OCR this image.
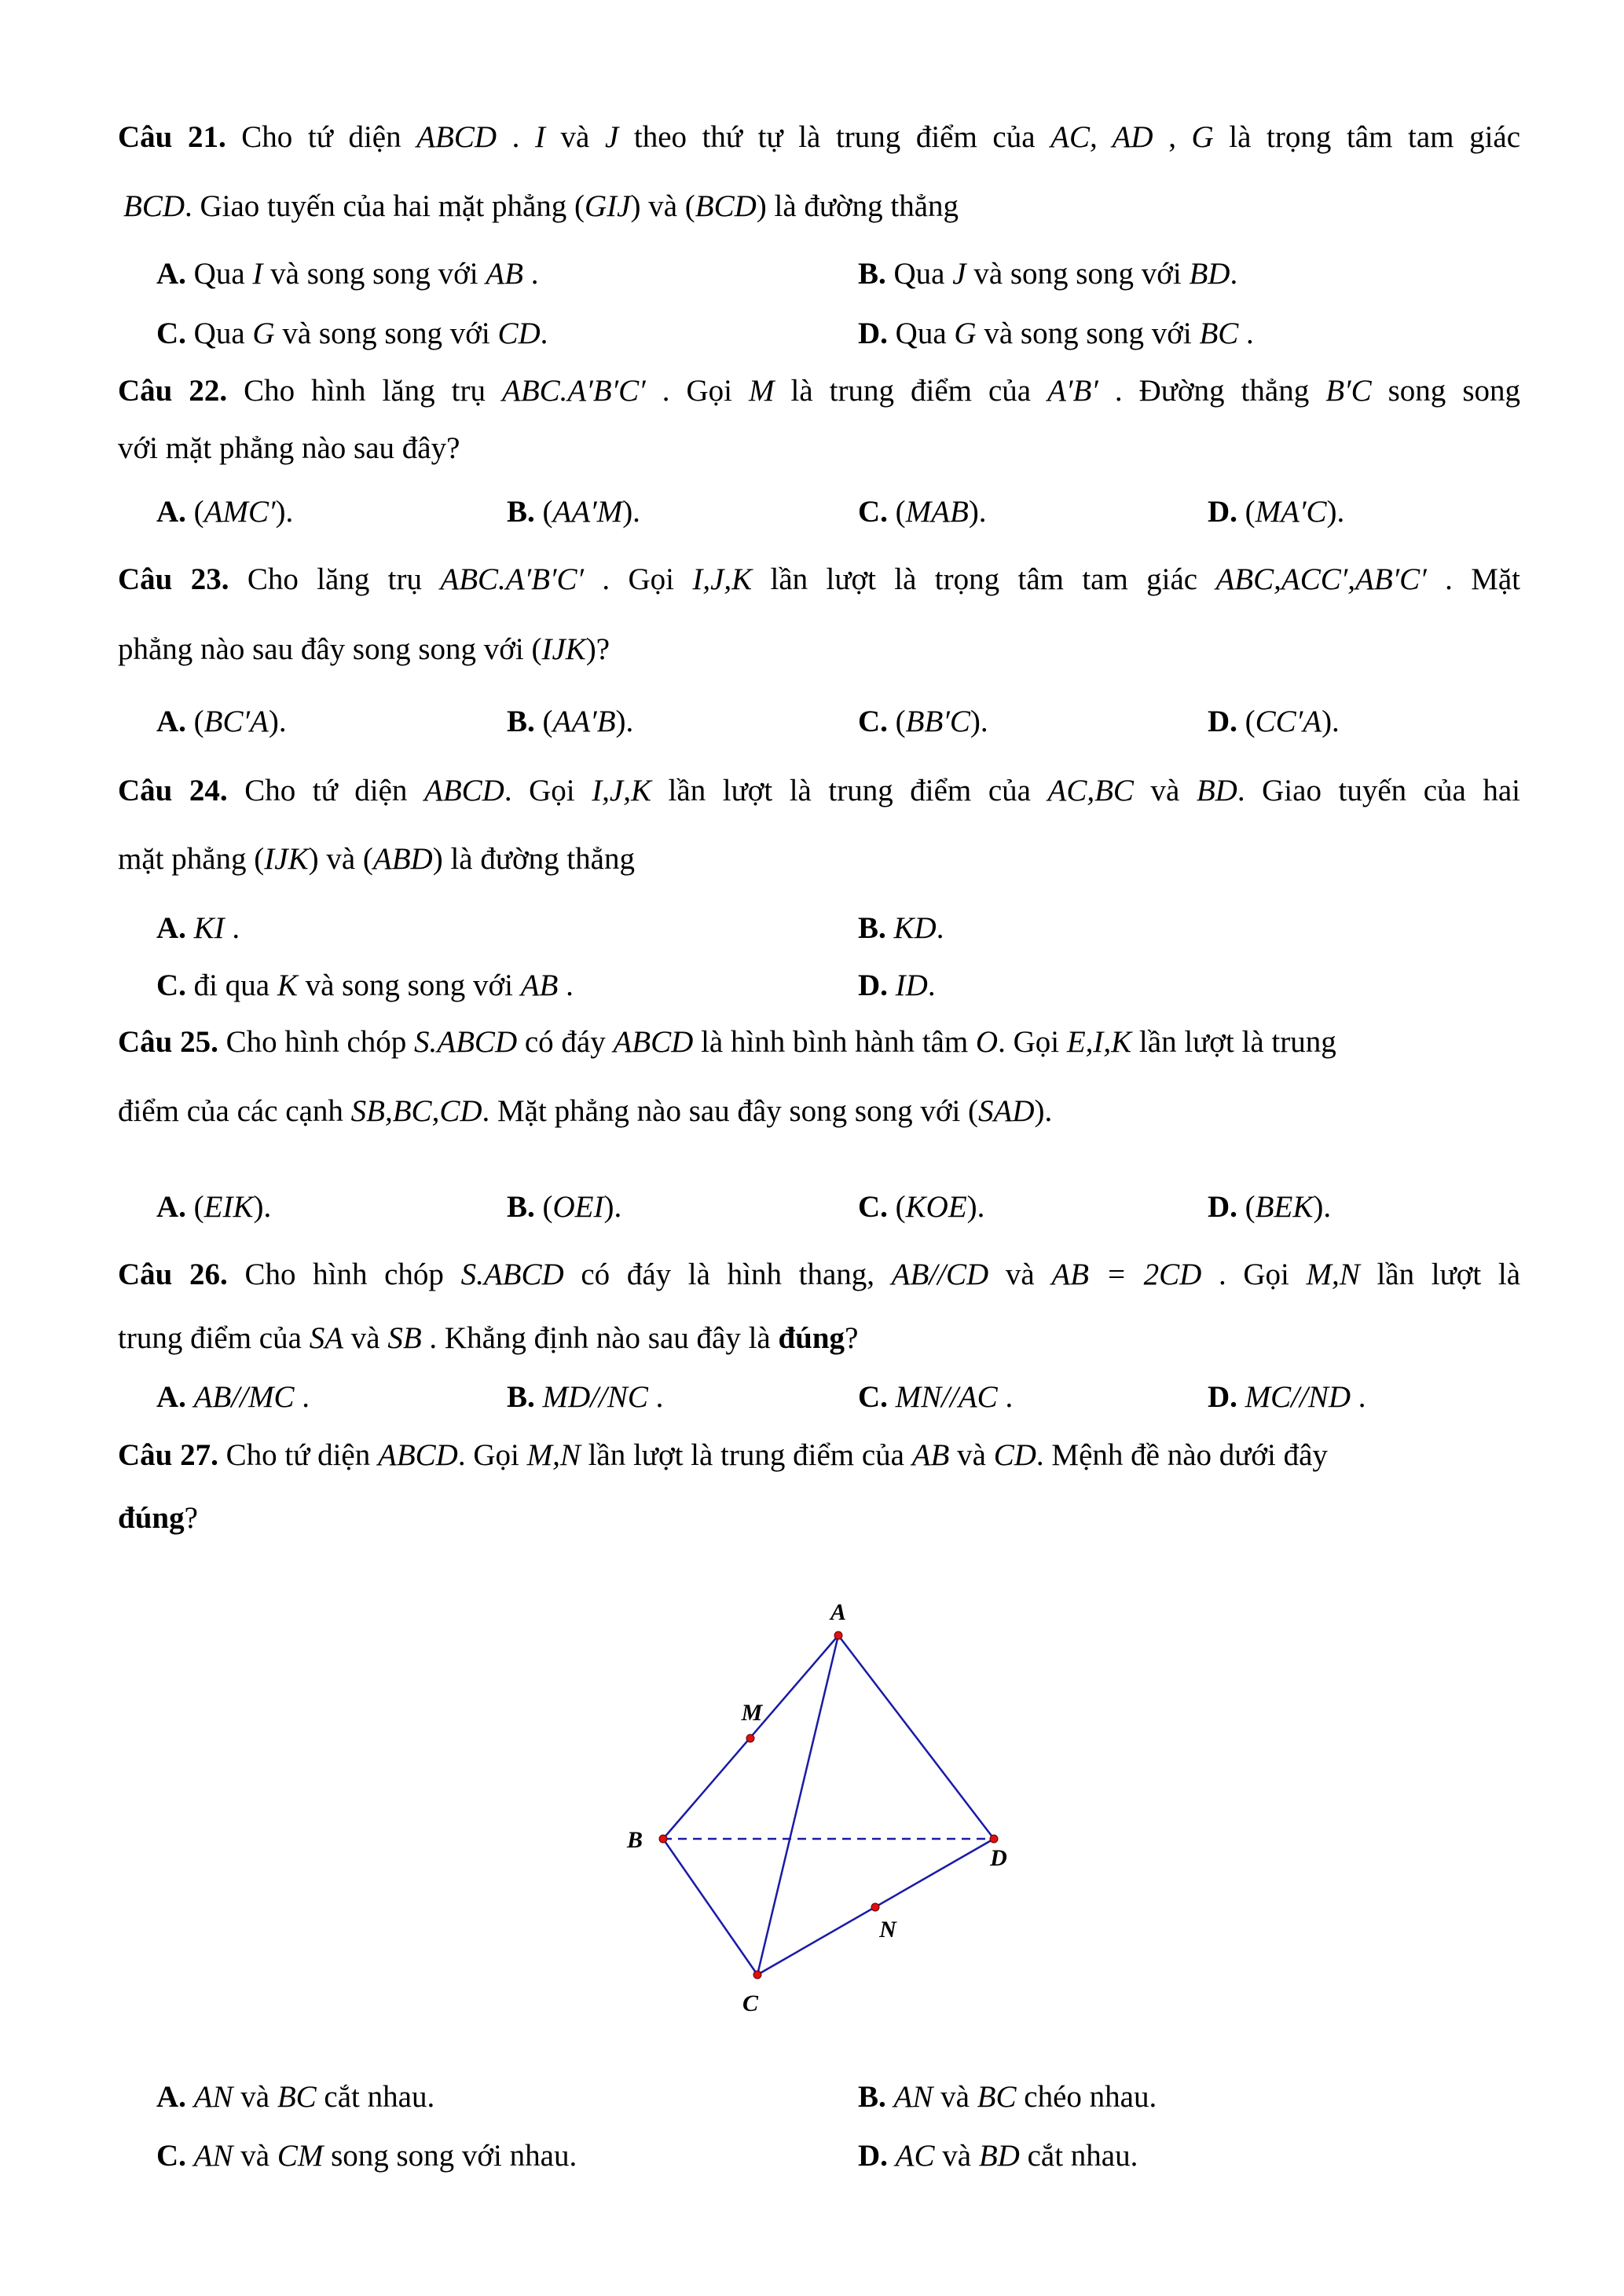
Câu 21. Cho tứ diện ABCD . I và J theo thứ tự là trung điểm của AC, AD , G là trọng tâm tam giác
BCD. Giao tuyến của hai mặt phẳng (GIJ) và (BCD) là đường thẳng
A. Qua I và song song với AB .	B. Qua J và song song với BD.
C. Qua G và song song với CD.	D. Qua G và song song với BC .
Câu 22. Cho hình lăng trụ ABC.A′B′C′ . Gọi M là trung điểm của A′B′ . Đường thẳng B′C song song
với mặt phẳng nào sau đây?
A. (AMC′).	B. (AA′M).	C. (MAB).	D. (MA′C).
Câu 23. Cho lăng trụ ABC.A′B′C′ . Gọi I,J,K lần lượt là trọng tâm tam giác ABC,ACC′,AB′C′ . Mặt
phẳng nào sau đây song song với (IJK)?
A. (BC′A).	B. (AA′B).	C. (BB′C).	D. (CC′A).
Câu 24. Cho tứ diện ABCD. Gọi I,J,K lần lượt là trung điểm của AC,BC và BD. Giao tuyến của hai
mặt phẳng (IJK) và (ABD) là đường thẳng
A. KI .	B. KD.
C. đi qua K và song song với AB .	D. ID.
Câu 25. Cho hình chóp S.ABCD có đáy ABCD là hình bình hành tâm O. Gọi E,I,K lần lượt là trung
điểm của các cạnh SB,BC,CD. Mặt phẳng nào sau đây song song với (SAD).
A. (EIK).	B. (OEI).	C. (KOE).	D. (BEK).
Câu 26. Cho hình chóp S.ABCD có đáy là hình thang, AB//CD và AB = 2CD . Gọi M,N lần lượt là
trung điểm của SA và SB . Khẳng định nào sau đây là đúng?
A. AB//MC .	B. MD//NC .	C. MN//AC .	D. MC//ND .
Câu 27. Cho tứ diện ABCD. Gọi M,N lần lượt là trung điểm của AB và CD. Mệnh đề nào dưới đây
đúng?
A. AN và BC cắt nhau.	B. AN và BC chéo nhau.
C. AN và CM song song với nhau.	D. AC và BD cắt nhau.
A
M
B
D
N
C
